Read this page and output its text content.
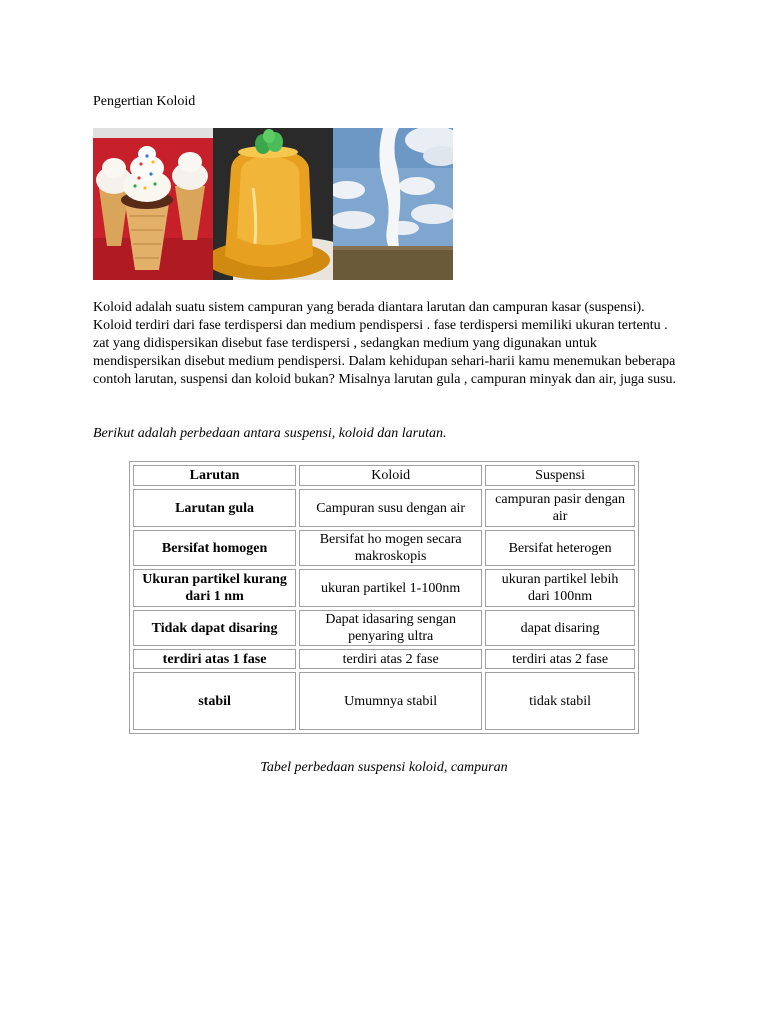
Pengertian Koloid

Koloid adalah suatu sistem campuran yang berada diantara larutan dan campuran kasar (suspensi). Koloid terdiri dari fase terdispersi dan medium pendispersi . fase terdispersi memiliki ukuran tertentu . zat yang didispersikan disebut fase terdispersi , sedangkan medium yang digunakan untuk mendispersikan disebut medium pendispersi. Dalam kehidupan sehari-harii kamu menemukan beberapa contoh larutan, suspensi dan koloid bukan? Misalnya larutan gula , campuran minyak dan air, juga susu.

Berikut adalah perbedaan antara suspensi, koloid dan larutan.

Larutan	Koloid	Suspensi
Larutan gula	Campuran susu dengan air	campuran pasir dengan air
Bersifat homogen	Bersifat ho mogen secara makroskopis	Bersifat heterogen
Ukuran partikel kurang dari 1 nm	ukuran partikel 1-100nm	ukuran partikel lebih dari 100nm
Tidak dapat disaring	Dapat idasaring sengan penyaring ultra	dapat disaring
terdiri atas 1 fase	terdiri atas 2 fase	terdiri atas 2 fase
stabil	Umumnya stabil	tidak stabil
Tabel perbedaan suspensi koloid, campuran
